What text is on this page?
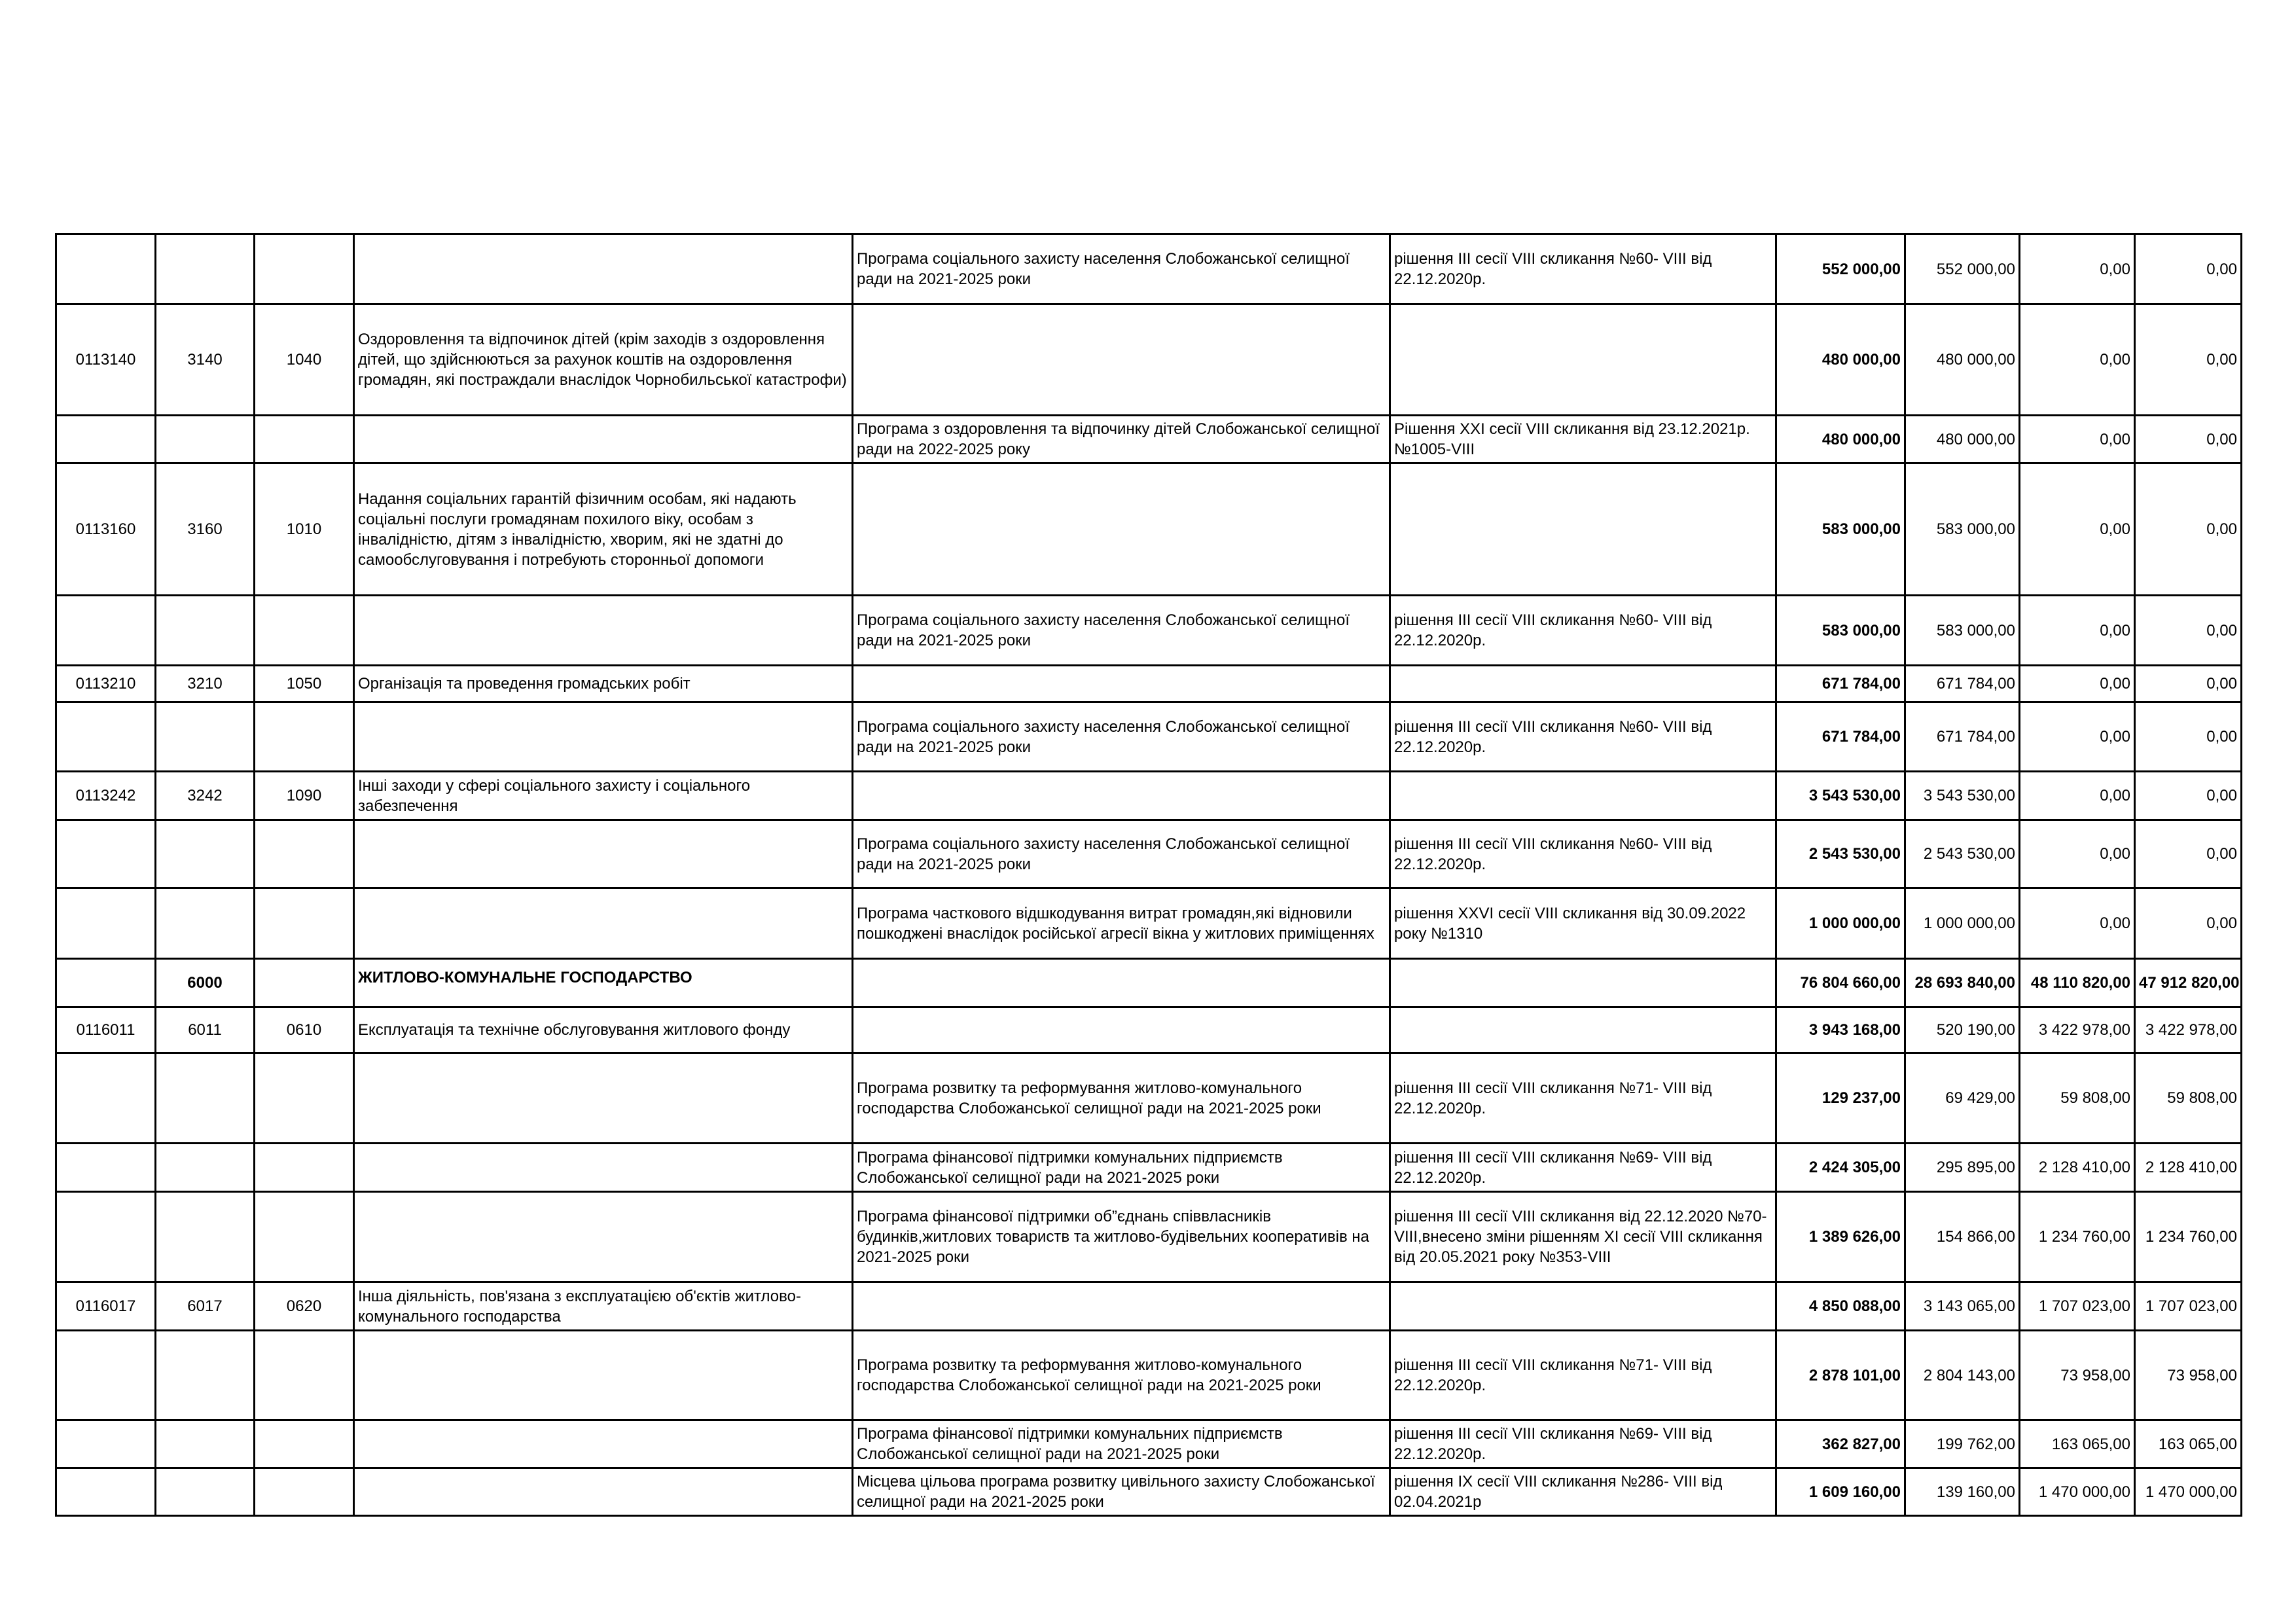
				Програма соціального захисту населення Слобожанської селищної ради на 2021-2025 роки	рішення ІІІ сесії VІІІ скликання №60- VІІІ від 22.12.2020р.	552 000,00	552 000,00	0,00	0,00
0113140	3140	1040	Оздоровлення та відпочинок дітей (крім заходів з оздоровлення дітей, що здійснюються за рахунок коштів на оздоровлення громадян, які постраждали внаслідок Чорнобильської катастрофи)			480 000,00	480 000,00	0,00	0,00
				Програма з оздоровлення та відпочинку дітей Слобожанської селищної ради на 2022-2025 року	Рішення XXI сесії VIII скликання від 23.12.2021р. №1005-VIII	480 000,00	480 000,00	0,00	0,00
0113160	3160	1010	Надання соціальних гарантій фізичним особам, які надають соціальні послуги громадянам похилого віку, особам з інвалідністю, дітям з інвалідністю, хворим, які не здатні до самообслуговування і потребують сторонньої допомоги			583 000,00	583 000,00	0,00	0,00
				Програма соціального захисту населення Слобожанської селищної ради на 2021-2025 роки	рішення ІІІ сесії VІІІ скликання №60- VІІІ від 22.12.2020р.	583 000,00	583 000,00	0,00	0,00
0113210	3210	1050	Організація та проведення громадських робіт			671 784,00	671 784,00	0,00	0,00
				Програма соціального захисту населення Слобожанської селищної ради на 2021-2025 роки	рішення ІІІ сесії VІІІ скликання №60- VІІІ від 22.12.2020р.	671 784,00	671 784,00	0,00	0,00
0113242	3242	1090	Інші заходи у сфері соціального захисту і соціального забезпечення			3 543 530,00	3 543 530,00	0,00	0,00
				Програма соціального захисту населення Слобожанської селищної ради на 2021-2025 роки	рішення ІІІ сесії VІІІ скликання №60- VІІІ від 22.12.2020р.	2 543 530,00	2 543 530,00	0,00	0,00
				Програма часткового відшкодування витрат громадян,які відновили пошкоджені внаслідок російської агресії вікна у житлових приміщеннях	рішення XXVI сесії VIII скликання від 30.09.2022 року №1310	1 000 000,00	1 000 000,00	0,00	0,00
	6000		ЖИТЛОВО-КОМУНАЛЬНЕ ГОСПОДАРСТВО			76 804 660,00	28 693 840,00	48 110 820,00	47 912 820,00
0116011	6011	0610	Експлуатація та технічне обслуговування житлового фонду			3 943 168,00	520 190,00	3 422 978,00	3 422 978,00
				Програма розвитку та реформування житлово-комунального господарства Слобожанської селищної ради на 2021-2025 роки	рішення ІІІ сесії VІІІ скликання №71- VІІІ від 22.12.2020р.	129 237,00	69 429,00	59 808,00	59 808,00
				Програма фінансової підтримки комунальних підприємств Слобожанської селищної ради на 2021-2025 роки	рішення ІІІ сесії VІІІ скликання №69- VІІІ від 22.12.2020р.	2 424 305,00	295 895,00	2 128 410,00	2 128 410,00
				Програма фінансової підтримки об”єднань співвласників будинків,житлових товариств та житлово-будівельних кооперативів на 2021-2025 роки	рішення ІІІ сесії VІІІ скликання від 22.12.2020 №70-VІІІ,внесено зміни рішенням ХІ сесії VІІІ скликання від 20.05.2021 року №353-VІІІ	1 389 626,00	154 866,00	1 234 760,00	1 234 760,00
0116017	6017	0620	Інша діяльність, пов'язана з експлуатацією об'єктів житлово-комунального господарства			4 850 088,00	3 143 065,00	1 707 023,00	1 707 023,00
				Програма розвитку та реформування житлово-комунального господарства Слобожанської селищної ради на 2021-2025 роки	рішення ІІІ сесії VІІІ скликання №71- VІІІ від 22.12.2020р.	2 878 101,00	2 804 143,00	73 958,00	73 958,00
				Програма фінансової підтримки комунальних підприємств Слобожанської селищної ради на 2021-2025 роки	рішення ІІІ сесії VІІІ скликання №69- VІІІ від 22.12.2020р.	362 827,00	199 762,00	163 065,00	163 065,00
				Місцева цільова програма розвитку цивільного захисту Слобожанської селищної ради на 2021-2025 роки	рішення ІХ сесії VІІІ скликання №286- VІІІ від 02.04.2021р	1 609 160,00	139 160,00	1 470 000,00	1 470 000,00
